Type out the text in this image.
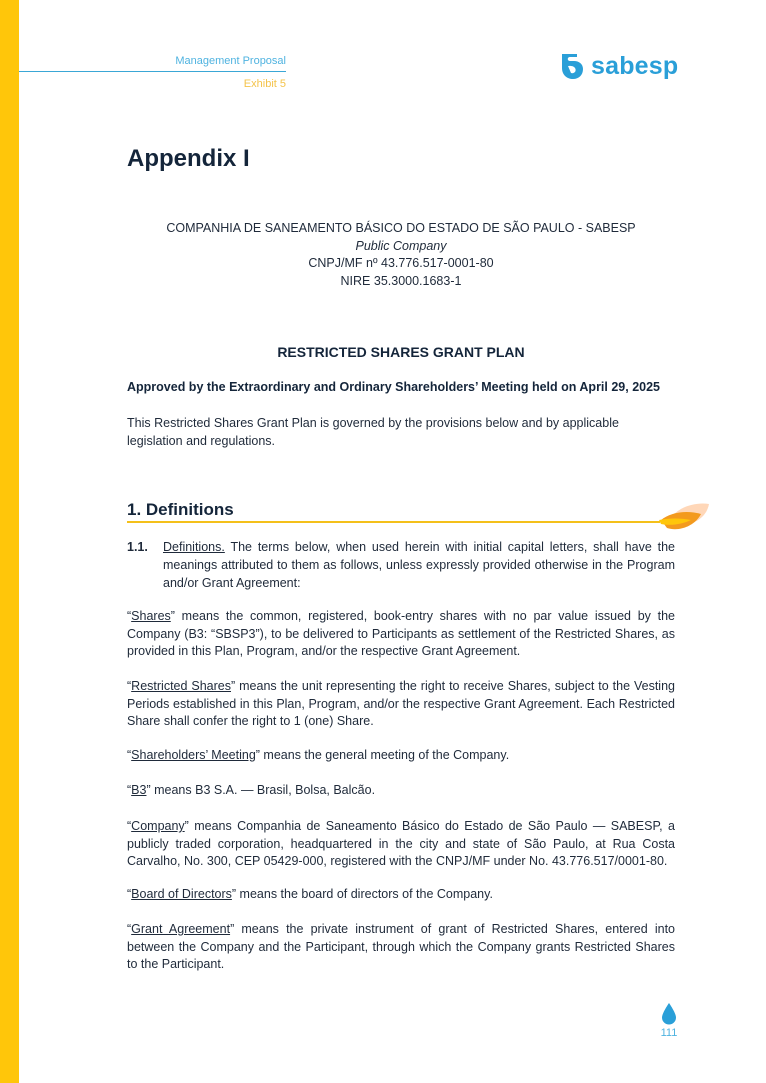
Management Proposal
Exhibit 5
sabesp
Appendix I
COMPANHIA DE SANEAMENTO BÁSICO DO ESTADO DE SÃO PAULO - SABESP
Public Company
CNPJ/MF nº 43.776.517-0001-80
NIRE 35.3000.1683-1
RESTRICTED SHARES GRANT PLAN
Approved by the Extraordinary and Ordinary Shareholders’ Meeting held on April 29, 2025
This Restricted Shares Grant Plan is governed by the provisions below and by applicable legislation and regulations.
1. Definitions
1.1. Definitions. The terms below, when used herein with initial capital letters, shall have the meanings attributed to them as follows, unless expressly provided otherwise in the Program and/or Grant Agreement:
“Shares” means the common, registered, book-entry shares with no par value issued by the Company (B3: “SBSP3”), to be delivered to Participants as settlement of the Restricted Shares, as provided in this Plan, Program, and/or the respective Grant Agreement.
“Restricted Shares” means the unit representing the right to receive Shares, subject to the Vesting Periods established in this Plan, Program, and/or the respective Grant Agreement. Each Restricted Share shall confer the right to 1 (one) Share.
“Shareholders’ Meeting” means the general meeting of the Company.
“B3” means B3 S.A. — Brasil, Bolsa, Balcão.
“Company” means Companhia de Saneamento Básico do Estado de São Paulo — SABESP, a publicly traded corporation, headquartered in the city and state of São Paulo, at Rua Costa Carvalho, No. 300, CEP 05429-000, registered with the CNPJ/MF under No. 43.776.517/0001-80.
“Board of Directors” means the board of directors of the Company.
“Grant Agreement” means the private instrument of grant of Restricted Shares, entered into between the Company and the Participant, through which the Company grants Restricted Shares to the Participant.
111
